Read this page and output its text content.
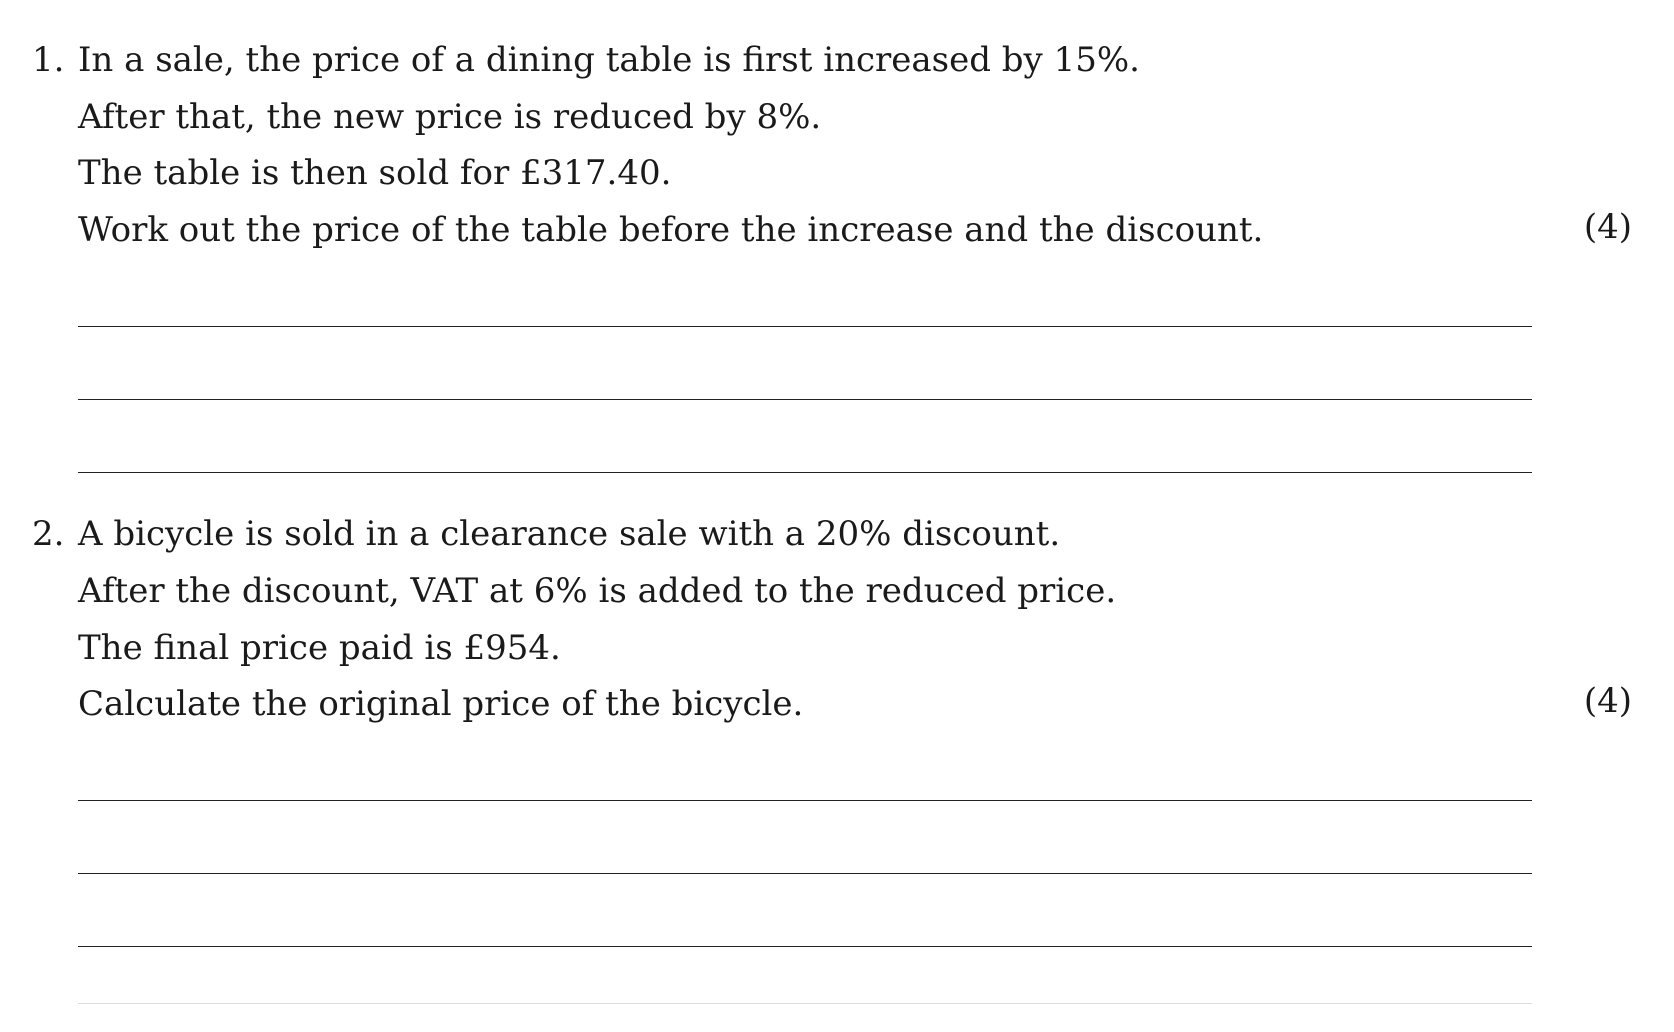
1. In a sale, the price of a dining table is first increased by 15%.
After that, the new price is reduced by 8%.
The table is then sold for £317.40.
Work out the price of the table before the increase and the discount.	(4)
2. A bicycle is sold in a clearance sale with a 20% discount.
After the discount, VAT at 6% is added to the reduced price.
The final price paid is £954.
Calculate the original price of the bicycle.	(4)
